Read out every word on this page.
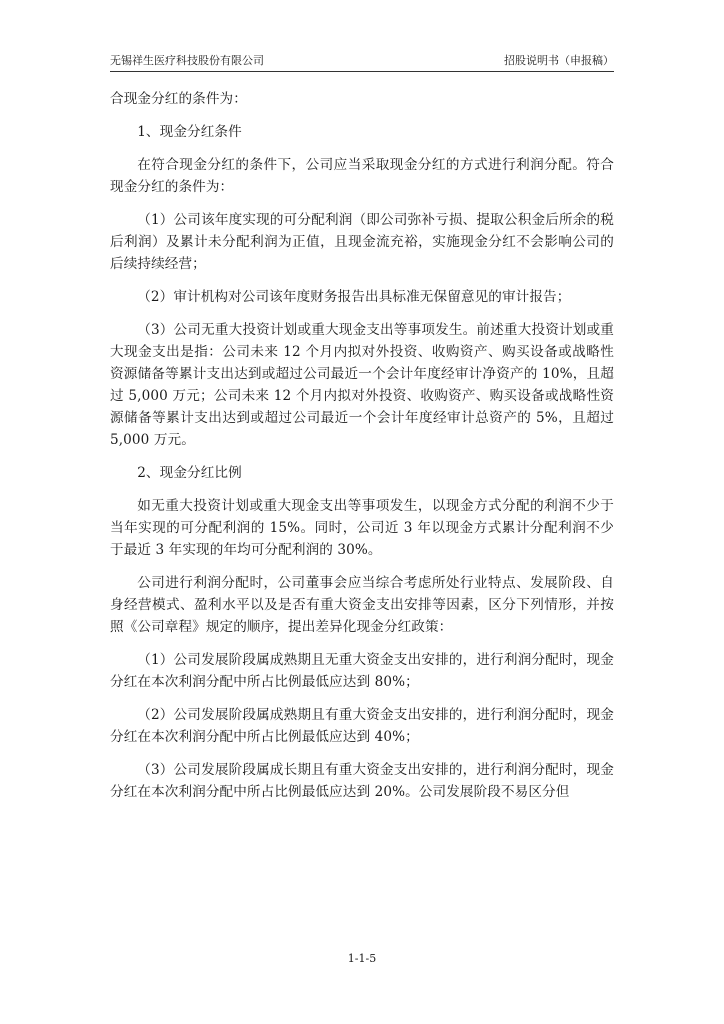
无锡祥生医疗科技股份有限公司	招股说明书（申报稿）

合现金分红的条件为：

1、现金分红条件

在符合现金分红的条件下，公司应当采取现金分红的方式进行利润分配。符合现金分红的条件为：

（1）公司该年度实现的可分配利润（即公司弥补亏损、提取公积金后所余的税后利润）及累计未分配利润为正值，且现金流充裕，实施现金分红不会影响公司的后续持续经营；

（2）审计机构对公司该年度财务报告出具标准无保留意见的审计报告；

（3）公司无重大投资计划或重大现金支出等事项发生。前述重大投资计划或重大现金支出是指：公司未来 12 个月内拟对外投资、收购资产、购买设备或战略性资源储备等累计支出达到或超过公司最近一个会计年度经审计净资产的 10%，且超过 5,000 万元；公司未来 12 个月内拟对外投资、收购资产、购买设备或战略性资源储备等累计支出达到或超过公司最近一个会计年度经审计总资产的 5%，且超过 5,000 万元。

2、现金分红比例

如无重大投资计划或重大现金支出等事项发生，以现金方式分配的利润不少于当年实现的可分配利润的 15%。同时，公司近 3 年以现金方式累计分配利润不少于最近 3 年实现的年均可分配利润的 30%。

公司进行利润分配时，公司董事会应当综合考虑所处行业特点、发展阶段、自身经营模式、盈利水平以及是否有重大资金支出安排等因素，区分下列情形，并按照《公司章程》规定的顺序，提出差异化现金分红政策：

（1）公司发展阶段属成熟期且无重大资金支出安排的，进行利润分配时，现金分红在本次利润分配中所占比例最低应达到 80%；

（2）公司发展阶段属成熟期且有重大资金支出安排的，进行利润分配时，现金分红在本次利润分配中所占比例最低应达到 40%；

（3）公司发展阶段属成长期且有重大资金支出安排的，进行利润分配时，现金分红在本次利润分配中所占比例最低应达到 20%。公司发展阶段不易区分但

1-1-5
